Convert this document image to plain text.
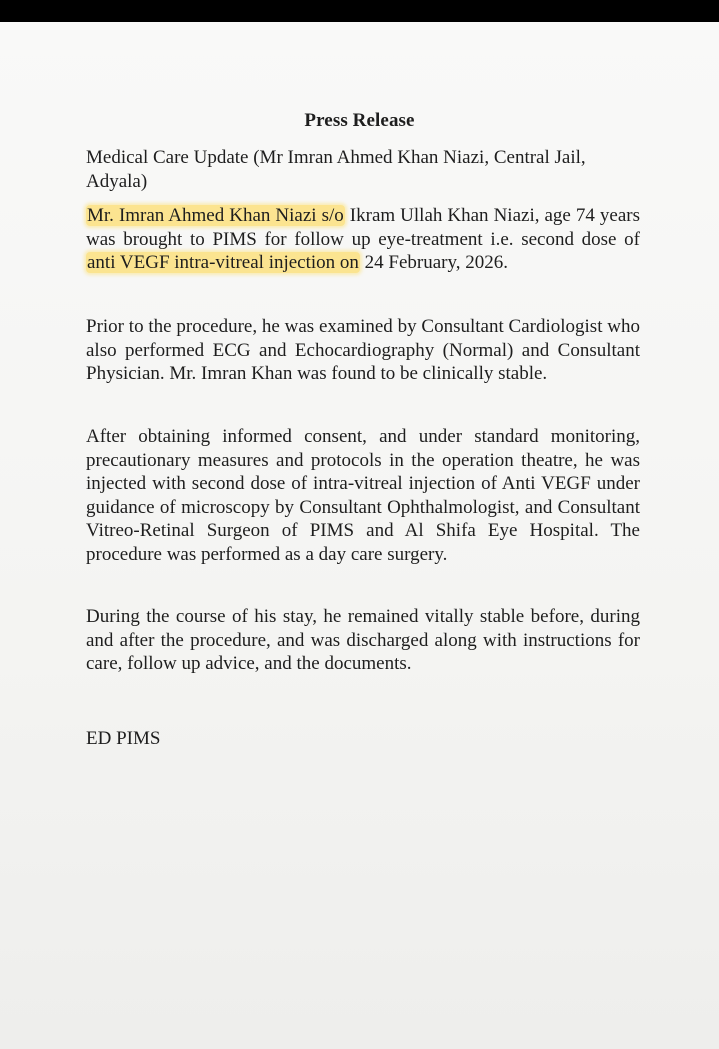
Press Release
Medical Care Update (Mr Imran Ahmed Khan Niazi, Central Jail, Adyala)
Mr. Imran Ahmed Khan Niazi s/o Ikram Ullah Khan Niazi, age 74 years was brought to PIMS for follow up eye-treatment i.e. second dose of anti VEGF intra-vitreal injection on 24 February, 2026.
Prior to the procedure, he was examined by Consultant Cardiologist who also performed ECG and Echocardiography (Normal) and Consultant Physician. Mr. Imran Khan was found to be clinically stable.
After obtaining informed consent, and under standard monitoring, precautionary measures and protocols in the operation theatre, he was injected with second dose of intra-vitreal injection of Anti VEGF under guidance of microscopy by Consultant Ophthalmologist, and Consultant Vitreo-Retinal Surgeon of PIMS and Al Shifa Eye Hospital. The procedure was performed as a day care surgery.
During the course of his stay, he remained vitally stable before, during and after the procedure, and was discharged along with instructions for care, follow up advice, and the documents.
ED PIMS
